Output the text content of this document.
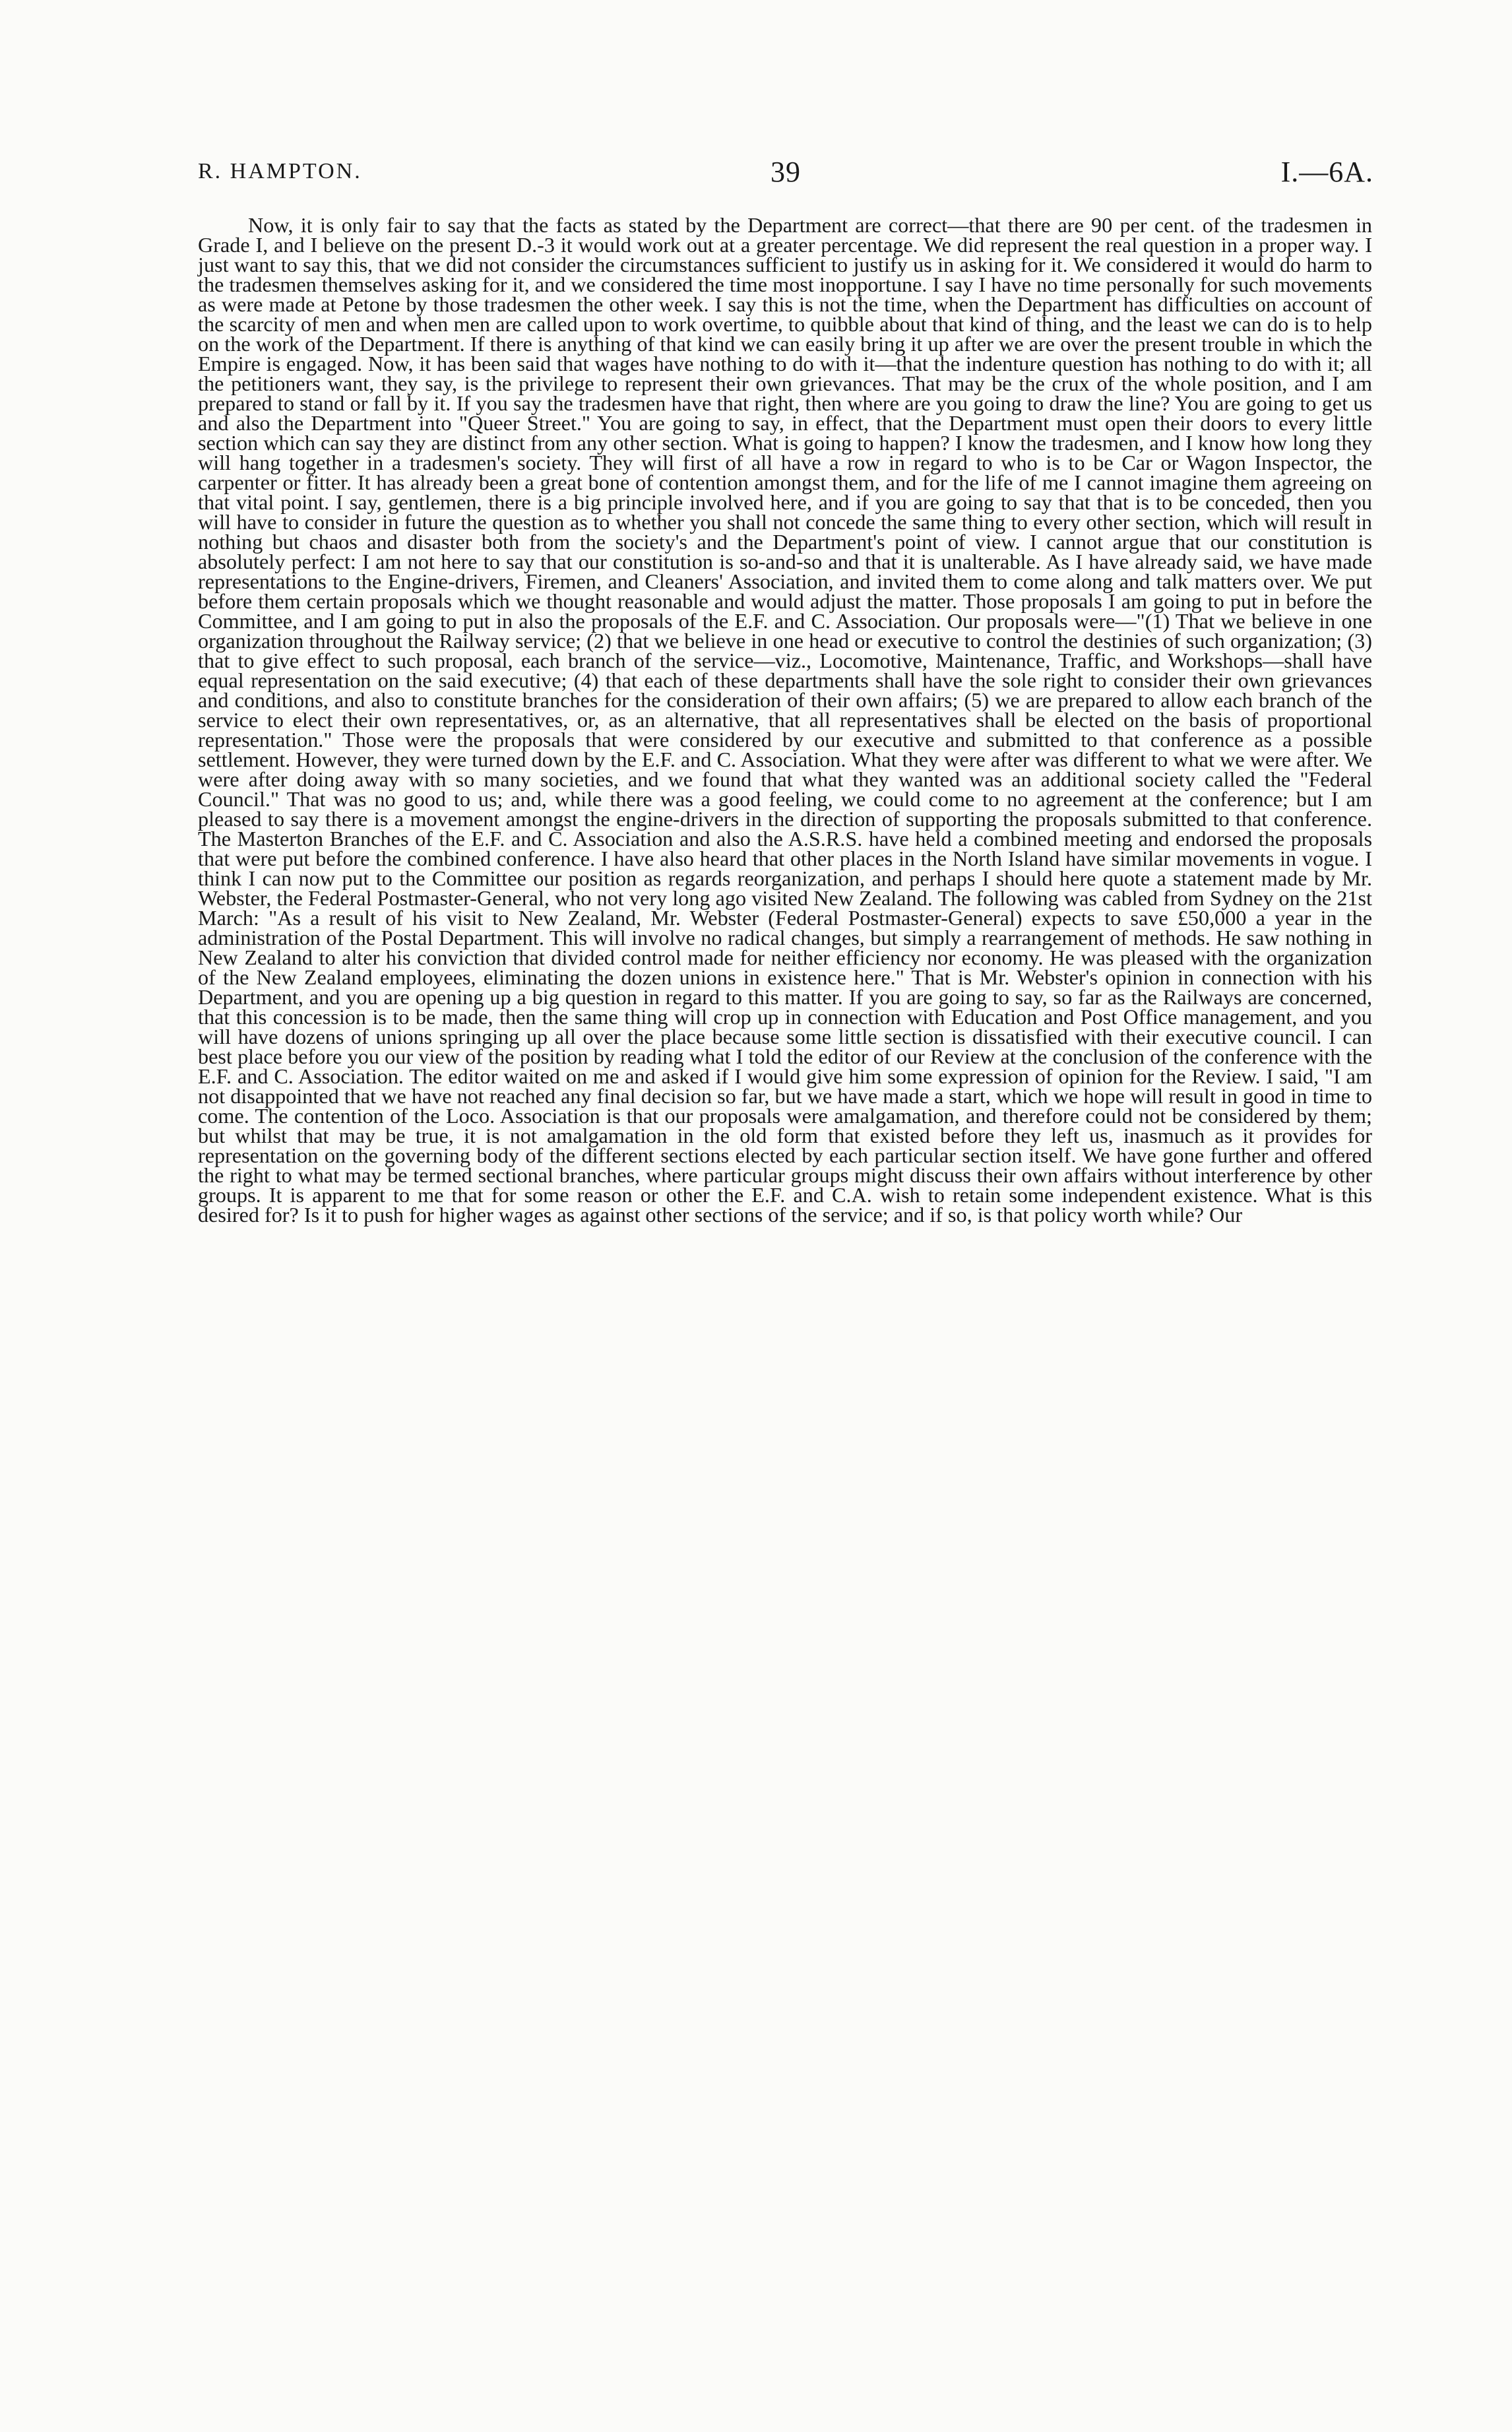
R. HAMPTON.	39	I.—6A.

Now, it is only fair to say that the facts as stated by the Department are correct—that there are 90 per cent. of the tradesmen in Grade I, and I believe on the present D.-3 it would work out at a greater percentage. We did represent the real question in a proper way. I just want to say this, that we did not consider the circumstances sufficient to justify us in asking for it. We considered it would do harm to the tradesmen themselves asking for it, and we considered the time most inopportune. I say I have no time personally for such movements as were made at Petone by those tradesmen the other week. I say this is not the time, when the Department has difficulties on account of the scarcity of men and when men are called upon to work overtime, to quibble about that kind of thing, and the least we can do is to help on the work of the Department. If there is anything of that kind we can easily bring it up after we are over the present trouble in which the Empire is engaged. Now, it has been said that wages have nothing to do with it—that the indenture question has nothing to do with it; all the petitioners want, they say, is the privilege to represent their own grievances. That may be the crux of the whole position, and I am prepared to stand or fall by it. If you say the tradesmen have that right, then where are you going to draw the line? You are going to get us and also the Department into "Queer Street." You are going to say, in effect, that the Department must open their doors to every little section which can say they are distinct from any other section. What is going to happen? I know the tradesmen, and I know how long they will hang together in a tradesmen's society. They will first of all have a row in regard to who is to be Car or Wagon Inspector, the carpenter or fitter. It has already been a great bone of contention amongst them, and for the life of me I cannot imagine them agreeing on that vital point. I say, gentlemen, there is a big principle involved here, and if you are going to say that that is to be conceded, then you will have to consider in future the question as to whether you shall not concede the same thing to every other section, which will result in nothing but chaos and disaster both from the society's and the Department's point of view. I cannot argue that our constitution is absolutely perfect: I am not here to say that our constitution is so-and-so and that it is unalterable. As I have already said, we have made representations to the Engine-drivers, Firemen, and Cleaners' Association, and invited them to come along and talk matters over. We put before them certain proposals which we thought reasonable and would adjust the matter. Those proposals I am going to put in before the Committee, and I am going to put in also the proposals of the E.F. and C. Association. Our proposals were—"(1) That we believe in one organization throughout the Railway service; (2) that we believe in one head or executive to control the destinies of such organization; (3) that to give effect to such proposal, each branch of the service—viz., Locomotive, Maintenance, Traffic, and Workshops—shall have equal representation on the said executive; (4) that each of these departments shall have the sole right to consider their own grievances and conditions, and also to constitute branches for the consideration of their own affairs; (5) we are prepared to allow each branch of the service to elect their own representatives, or, as an alternative, that all representatives shall be elected on the basis of proportional representation." Those were the proposals that were considered by our executive and submitted to that conference as a possible settlement. However, they were turned down by the E.F. and C. Association. What they were after was different to what we were after. We were after doing away with so many societies, and we found that what they wanted was an additional society called the "Federal Council." That was no good to us; and, while there was a good feeling, we could come to no agreement at the conference; but I am pleased to say there is a movement amongst the engine-drivers in the direction of supporting the proposals submitted to that conference. The Masterton Branches of the E.F. and C. Association and also the A.S.R.S. have held a combined meeting and endorsed the proposals that were put before the combined conference. I have also heard that other places in the North Island have similar movements in vogue. I think I can now put to the Committee our position as regards reorganization, and perhaps I should here quote a statement made by Mr. Webster, the Federal Postmaster-General, who not very long ago visited New Zealand. The following was cabled from Sydney on the 21st March: "As a result of his visit to New Zealand, Mr. Webster (Federal Postmaster-General) expects to save £50,000 a year in the administration of the Postal Department. This will involve no radical changes, but simply a rearrangement of methods. He saw nothing in New Zealand to alter his conviction that divided control made for neither efficiency nor economy. He was pleased with the organization of the New Zealand employees, eliminating the dozen unions in existence here." That is Mr. Webster's opinion in connection with his Department, and you are opening up a big question in regard to this matter. If you are going to say, so far as the Railways are concerned, that this concession is to be made, then the same thing will crop up in connection with Education and Post Office management, and you will have dozens of unions springing up all over the place because some little section is dissatisfied with their executive council. I can best place before you our view of the position by reading what I told the editor of our Review at the conclusion of the conference with the E.F. and C. Association. The editor waited on me and asked if I would give him some expression of opinion for the Review. I said, "I am not disappointed that we have not reached any final decision so far, but we have made a start, which we hope will result in good in time to come. The contention of the Loco. Association is that our proposals were amalgamation, and therefore could not be considered by them; but whilst that may be true, it is not amalgamation in the old form that existed before they left us, inasmuch as it provides for representation on the governing body of the different sections elected by each particular section itself. We have gone further and offered the right to what may be termed sectional branches, where particular groups might discuss their own affairs without interference by other groups. It is apparent to me that for some reason or other the E.F. and C.A. wish to retain some independent existence. What is this desired for? Is it to push for higher wages as against other sections of the service; and if so, is that policy worth while? Our
